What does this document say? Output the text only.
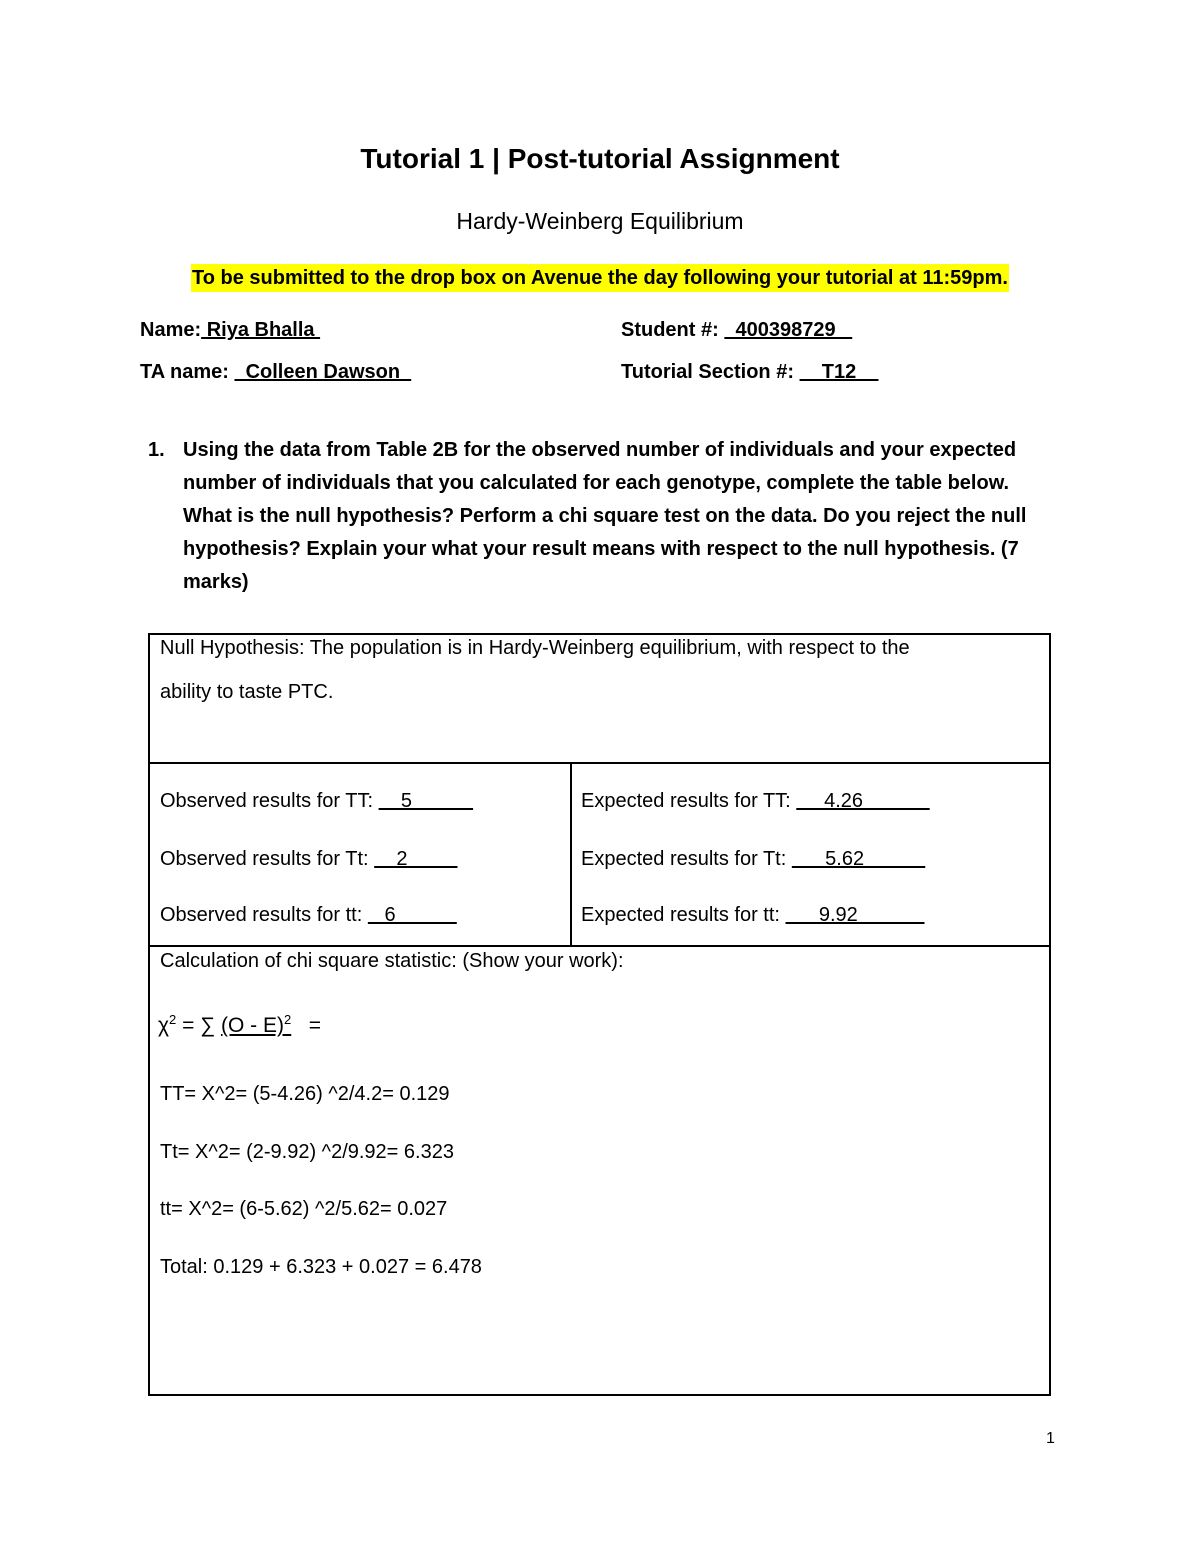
Tutorial 1 | Post-tutorial Assignment
Hardy-Weinberg Equilibrium
To be submitted to the drop box on Avenue the day following your tutorial at 11:59pm.
Name: Riya Bhalla	Student #:   400398729
TA name:   Colleen Dawson	Tutorial Section #:     T12
1. Using the data from Table 2B for the observed number of individuals and your expected number of individuals that you calculated for each genotype, complete the table below. What is the null hypothesis? Perform a chi square test on the data. Do you reject the null hypothesis? Explain your what your result means with respect to the null hypothesis. (7 marks)
Null Hypothesis: The population is in Hardy-Weinberg equilibrium, with respect to the
ability to taste PTC.
Observed results for TT:     5
Observed results for Tt:     2
Observed results for tt:    6
Expected results for TT:      4.26
Expected results for Tt:       5.62
Expected results for tt:       9.92
Calculation of chi square statistic: (Show your work):
$\chi^2$ = ∑ (O - E)$^2$   =
TT= X^2= (5-4.26) ^2/4.2= 0.129
Tt= X^2= (2-9.92) ^2/9.92= 6.323
tt= X^2= (6-5.62) ^2/5.62= 0.027
Total: 0.129 + 6.323 + 0.027 = 6.478
1
